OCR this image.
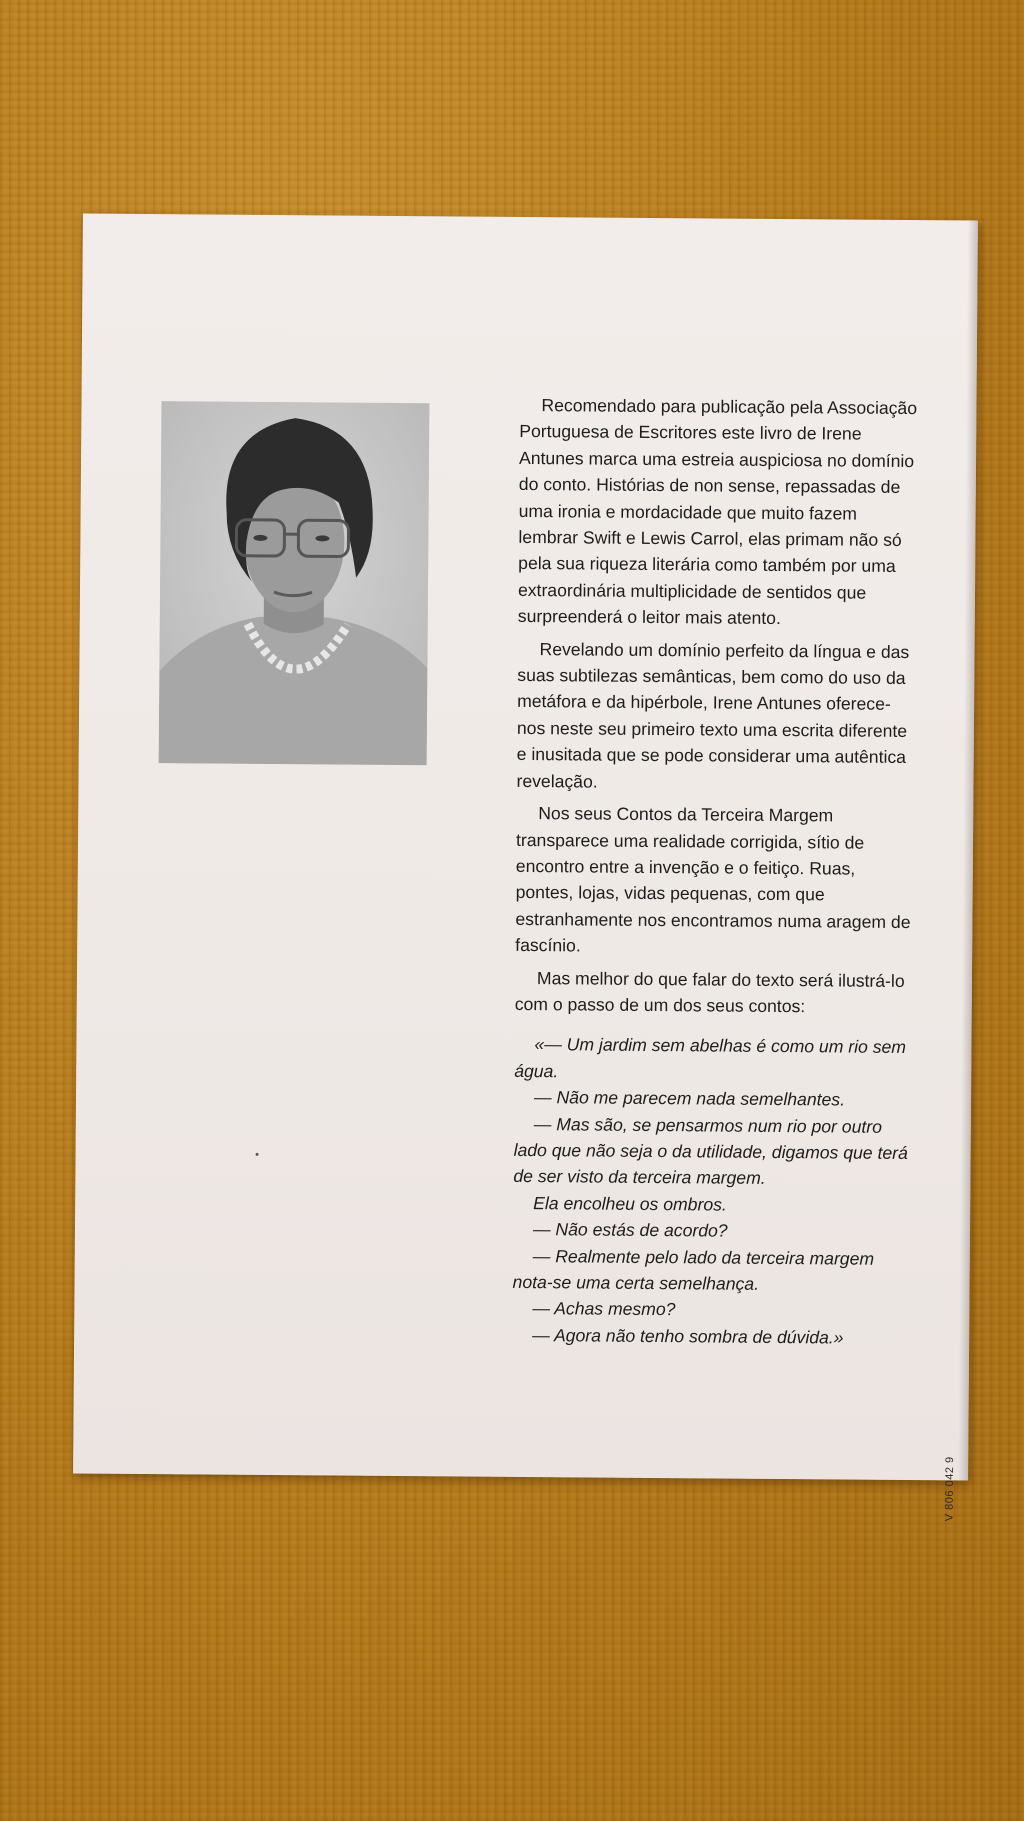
Recomendado para publicação pela Associação Portuguesa de Escritores este livro de Irene Antunes marca uma estreia auspiciosa no domínio do conto. Histórias de non sense, repassadas de uma ironia e mordacidade que muito fazem lembrar Swift e Lewis Carrol, elas primam não só pela sua riqueza literária como também por uma extraordinária multiplicidade de sentidos que surpreenderá o leitor mais atento.

Revelando um domínio perfeito da língua e das suas subtilezas semânticas, bem como do uso da metáfora e da hipérbole, Irene Antunes oferece-nos neste seu primeiro texto uma escrita diferente e inusitada que se pode considerar uma autêntica revelação.

Nos seus Contos da Terceira Margem transparece uma realidade corrigida, sítio de encontro entre a invenção e o feitiço. Ruas, pontes, lojas, vidas pequenas, com que estranhamente nos encontramos numa aragem de fascínio.

Mas melhor do que falar do texto será ilustrá-lo com o passo de um dos seus contos:

«— Um jardim sem abelhas é como um rio sem água.

— Não me parecem nada semelhantes.

— Mas são, se pensarmos num rio por outro lado que não seja o da utilidade, digamos que terá de ser visto da terceira margem.

Ela encolheu os ombros.

— Não estás de acordo?

— Realmente pelo lado da terceira margem nota-se uma certa semelhança.

— Achas mesmo?

— Agora não tenho sombra de dúvida.»

V 806 042 9
